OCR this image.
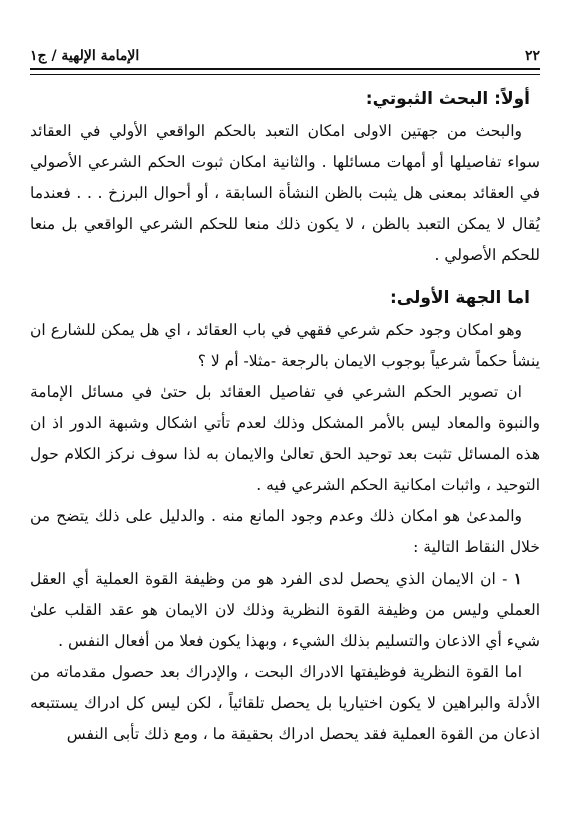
٢٢
الإمامة الإلهية / ج١
أولاً: البحث الثبوتي:

والبحث من جهتين الاولى امكان التعبد بالحكم الواقعي الأولي في العقائد سواء تفاصيلها أو أمهات مسائلها . والثانية امكان ثبوت الحكم الشرعي الأصولي في العقائد بمعنى هل يثبت بالظن النشأة السابقة ، أو أحوال البرزخ . . . فعندما يُقال لا يمكن التعبد بالظن ، لا يكون ذلك منعا للحكم الشرعي الواقعي بل منعا للحكم الأصولي .

اما الجهة الأولى:

وهو امكان وجود حكم شرعي فقهي في باب العقائد ، اي هل يمكن للشارع ان ينشأ حكماً شرعياً بوجوب الايمان بالرجعة -مثلا- أم لا ؟

ان تصوير الحكم الشرعي في تفاصيل العقائد بل حتىٰ في مسائل الإمامة والنبوة والمعاد ليس بالأمر المشكل وذلك لعدم تأتي اشكال وشبهة الدور اذ ان هذه المسائل تثبت بعد توحيد الحق تعالىٰ والايمان به لذا سوف نركز الكلام حول التوحيد ، واثبات امكانية الحكم الشرعي فيه .

والمدعىٰ هو امكان ذلك وعدم وجود المانع منه . والدليل على ذلك يتضح من خلال النقاط التالية :

١ - ان الايمان الذي يحصل لدى الفرد هو من وظيفة القوة العملية أي العقل العملي وليس من وظيفة القوة النظرية وذلك لان الايمان هو عقد القلب علىٰ شيء أي الاذعان والتسليم بذلك الشيء ، وبهذا يكون فعلا من أفعال النفس .

اما القوة النظرية فوظيفتها الادراك البحت ، والإدراك بعد حصول مقدماته من الأدلة والبراهين لا يكون اختياريا بل يحصل تلقائياً ، لكن ليس كل ادراك يستتبعه اذعان من القوة العملية فقد يحصل ادراك بحقيقة ما ، ومع ذلك تأبى النفس
